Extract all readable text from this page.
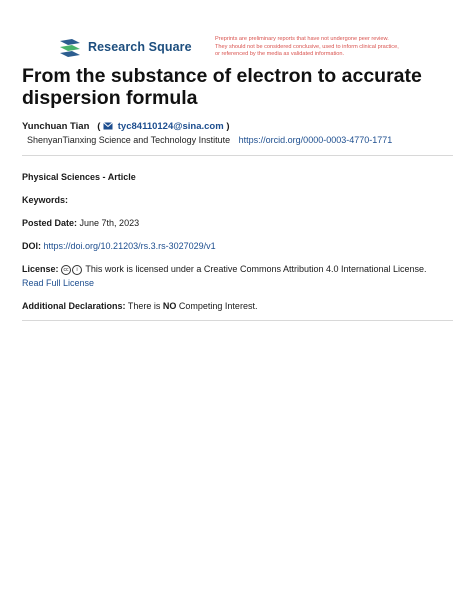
Research Square
Preprints are preliminary reports that have not undergone peer review.
They should not be considered conclusive, used to inform clinical practice,
or referenced by the media as validated information.
From the substance of electron to accurate
dispersion formula
Yunchuan Tian   ( tyc84110124@sina.com )
ShenyanTianxing Science and Technology Institute https://orcid.org/0000-0003-4770-1771
Physical Sciences - Article
Keywords:
Posted Date: June 7th, 2023
DOI: https://doi.org/10.21203/rs.3.rs-3027029/v1
License: cc i This work is licensed under a Creative Commons Attribution 4.0 International License.
Read Full License
Additional Declarations: There is NO Competing Interest.
